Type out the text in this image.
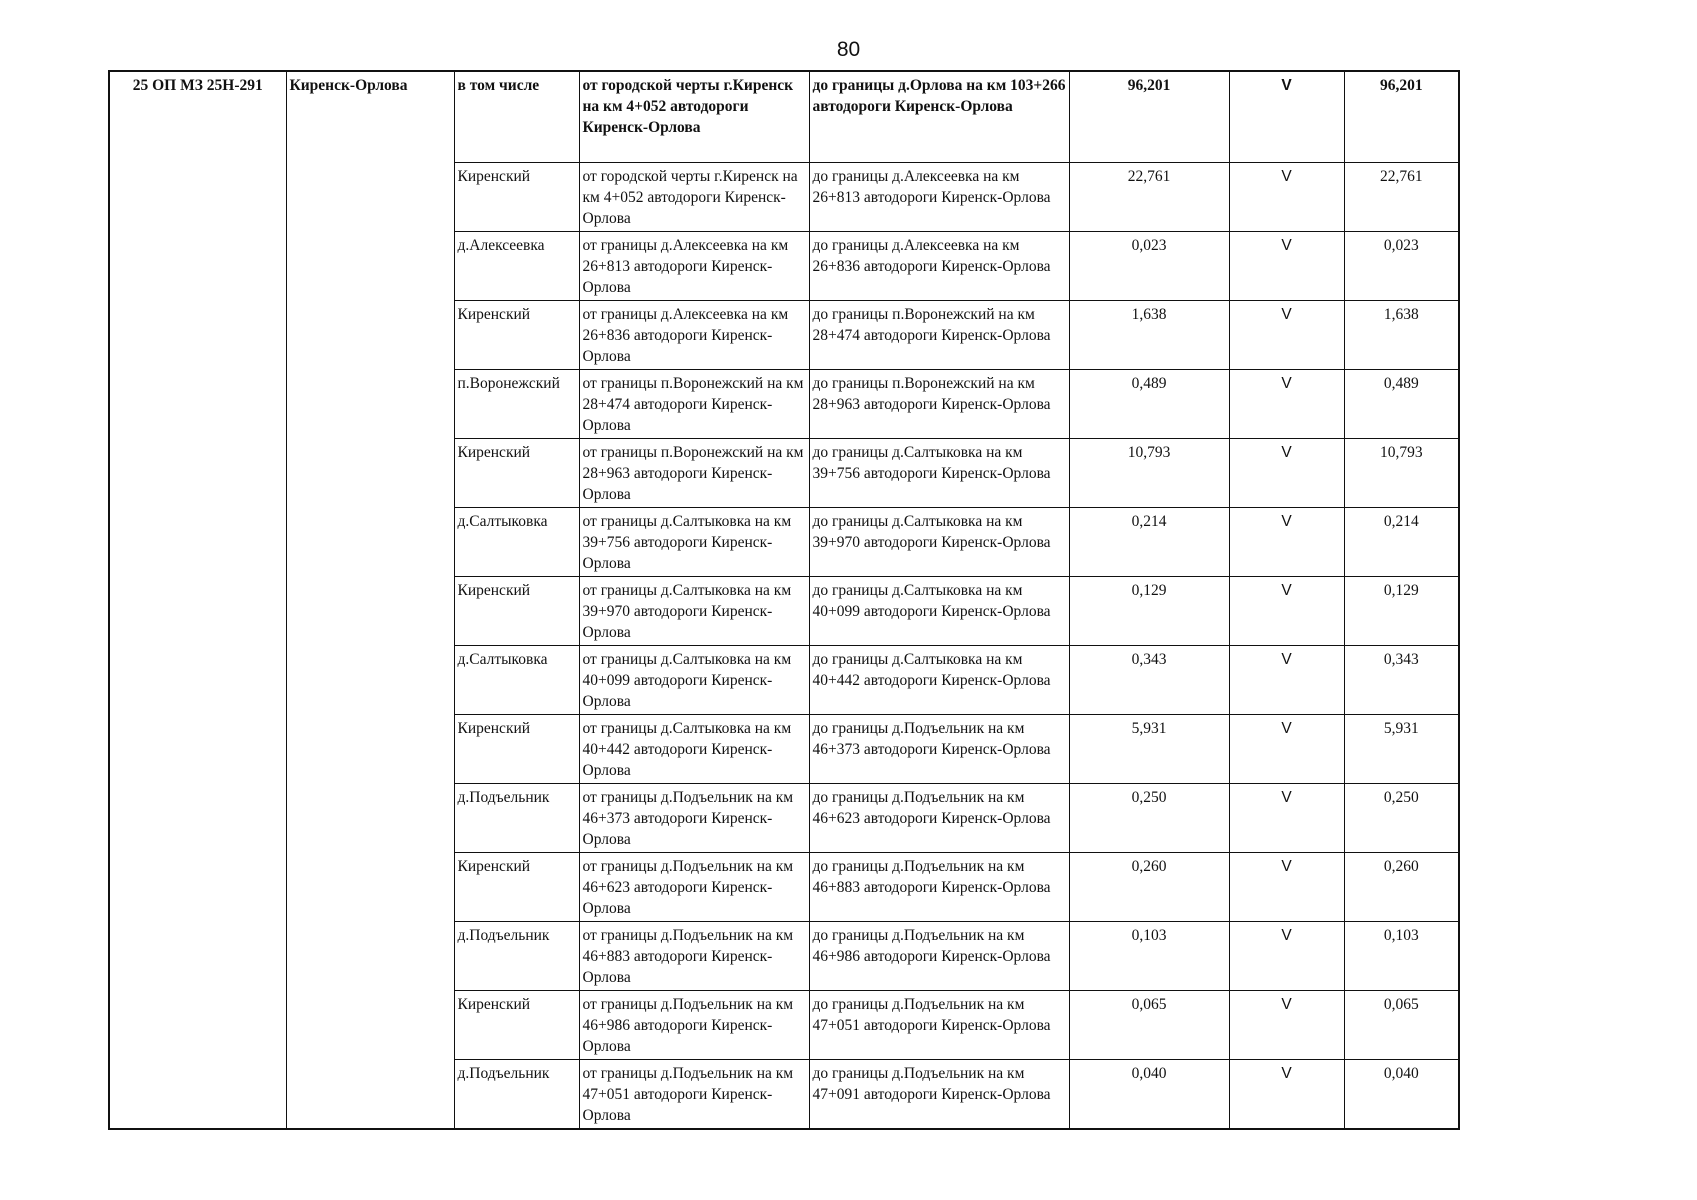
80
25 ОП МЗ 25Н-291	Киренск-Орлова	в том числе	от городской черты г.Киренск на км 4+052 автодороги Киренск-Орлова	до границы д.Орлова на км 103+266 автодороги Киренск-Орлова	96,201	V	96,201
		Киренский	от городской черты г.Киренск на км 4+052 автодороги Киренск-Орлова	до границы д.Алексеевка на км 26+813 автодороги Киренск-Орлова	22,761	V	22,761
		д.Алексеевка	от границы д.Алексеевка на км 26+813 автодороги Киренск-Орлова	до границы д.Алексеевка на км 26+836 автодороги Киренск-Орлова	0,023	V	0,023
		Киренский	от границы д.Алексеевка на км 26+836 автодороги Киренск-Орлова	до границы п.Воронежский на км 28+474 автодороги Киренск-Орлова	1,638	V	1,638
		п.Воронежский	от границы п.Воронежский на км 28+474 автодороги Киренск-Орлова	до границы п.Воронежский на км 28+963 автодороги Киренск-Орлова	0,489	V	0,489
		Киренский	от границы п.Воронежский на км 28+963 автодороги Киренск-Орлова	до границы д.Салтыковка на км 39+756 автодороги Киренск-Орлова	10,793	V	10,793
		д.Салтыковка	от границы д.Салтыковка на км 39+756 автодороги Киренск-Орлова	до границы д.Салтыковка на км 39+970 автодороги Киренск-Орлова	0,214	V	0,214
		Киренский	от границы д.Салтыковка на км 39+970 автодороги Киренск-Орлова	до границы д.Салтыковка на км 40+099 автодороги Киренск-Орлова	0,129	V	0,129
		д.Салтыковка	от границы д.Салтыковка на км 40+099 автодороги Киренск-Орлова	до границы д.Салтыковка на км 40+442 автодороги Киренск-Орлова	0,343	V	0,343
		Киренский	от границы д.Салтыковка на км 40+442 автодороги Киренск-Орлова	до границы д.Подъельник на км 46+373 автодороги Киренск-Орлова	5,931	V	5,931
		д.Подъельник	от границы д.Подъельник на км 46+373 автодороги Киренск-Орлова	до границы д.Подъельник на км 46+623 автодороги Киренск-Орлова	0,250	V	0,250
		Киренский	от границы д.Подъельник на км 46+623 автодороги Киренск-Орлова	до границы д.Подъельник на км 46+883 автодороги Киренск-Орлова	0,260	V	0,260
		д.Подъельник	от границы д.Подъельник на км 46+883 автодороги Киренск-Орлова	до границы д.Подъельник на км 46+986 автодороги Киренск-Орлова	0,103	V	0,103
		Киренский	от границы д.Подъельник на км 46+986 автодороги Киренск-Орлова	до границы д.Подъельник на км 47+051 автодороги Киренск-Орлова	0,065	V	0,065
		д.Подъельник	от границы д.Подъельник на км 47+051 автодороги Киренск-Орлова	до границы д.Подъельник на км 47+091 автодороги Киренск-Орлова	0,040	V	0,040
